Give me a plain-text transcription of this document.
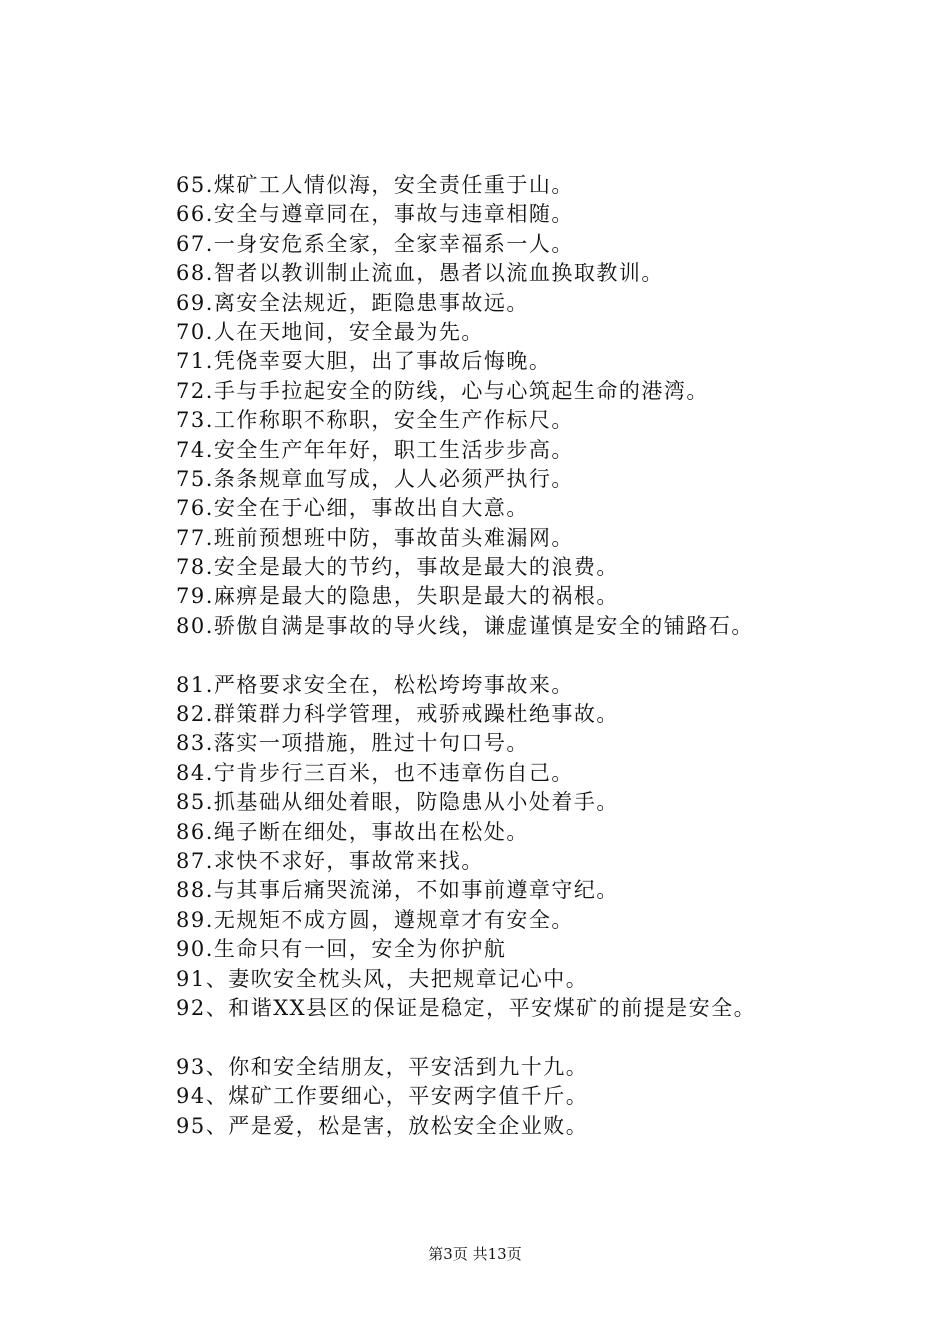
65.煤矿工人情似海，安全责任重于山。
66.安全与遵章同在，事故与违章相随。
67.一身安危系全家，全家幸福系一人。
68.智者以教训制止流血，愚者以流血换取教训。
69.离安全法规近，距隐患事故远。
70.人在天地间，安全最为先。
71.凭侥幸耍大胆，出了事故后悔晚。
72.手与手拉起安全的防线，心与心筑起生命的港湾。
73.工作称职不称职，安全生产作标尺。
74.安全生产年年好，职工生活步步高。
75.条条规章血写成，人人必须严执行。
76.安全在于心细，事故出自大意。
77.班前预想班中防，事故苗头难漏网。
78.安全是最大的节约，事故是最大的浪费。
79.麻痹是最大的隐患，失职是最大的祸根。
80.骄傲自满是事故的导火线，谦虚谨慎是安全的铺路石。
81.严格要求安全在，松松垮垮事故来。
82.群策群力科学管理，戒骄戒躁杜绝事故。
83.落实一项措施，胜过十句口号。
84.宁肯步行三百米，也不违章伤自己。
85.抓基础从细处着眼，防隐患从小处着手。
86.绳子断在细处，事故出在松处。
87.求快不求好，事故常来找。
88.与其事后痛哭流涕，不如事前遵章守纪。
89.无规矩不成方圆，遵规章才有安全。
90.生命只有一回，安全为你护航
91、妻吹安全枕头风，夫把规章记心中。
92、和谐XX县区的保证是稳定，平安煤矿的前提是安全。
93、你和安全结朋友，平安活到九十九。
94、煤矿工作要细心，平安两字值千斤。
95、严是爱，松是害，放松安全企业败。
第3页 共13页
